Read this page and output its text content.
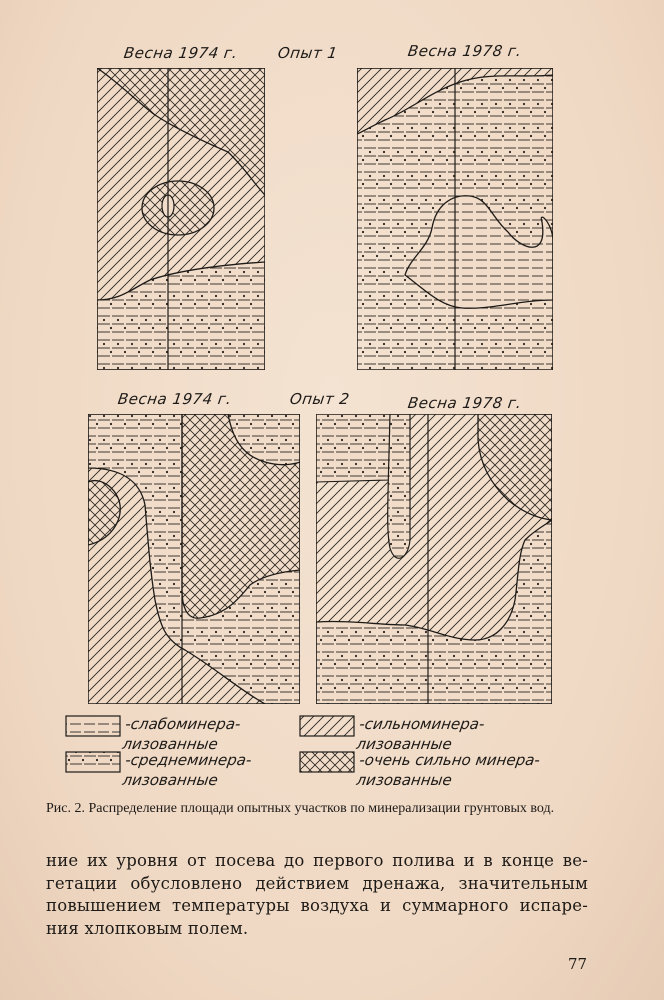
Весна 1974 г.	Опыт 1	Весна 1978 г.
Весна 1974 г.	Опыт 2	Весна 1978 г.
-слабоминера-
лизованные
-среднеминера-
лизованные
-сильноминера-
лизованные
-очень сильно минера-
лизованные
Рис. 2. Распределение площади опытных участков по минерализации грунтовых вод.
ние их уровня от посева до первого полива и в конце ве-
гетации обусловлено действием дренажа, значительным
повышением температуры воздуха и суммарного испаре-
ния хлопковым полем.
77
